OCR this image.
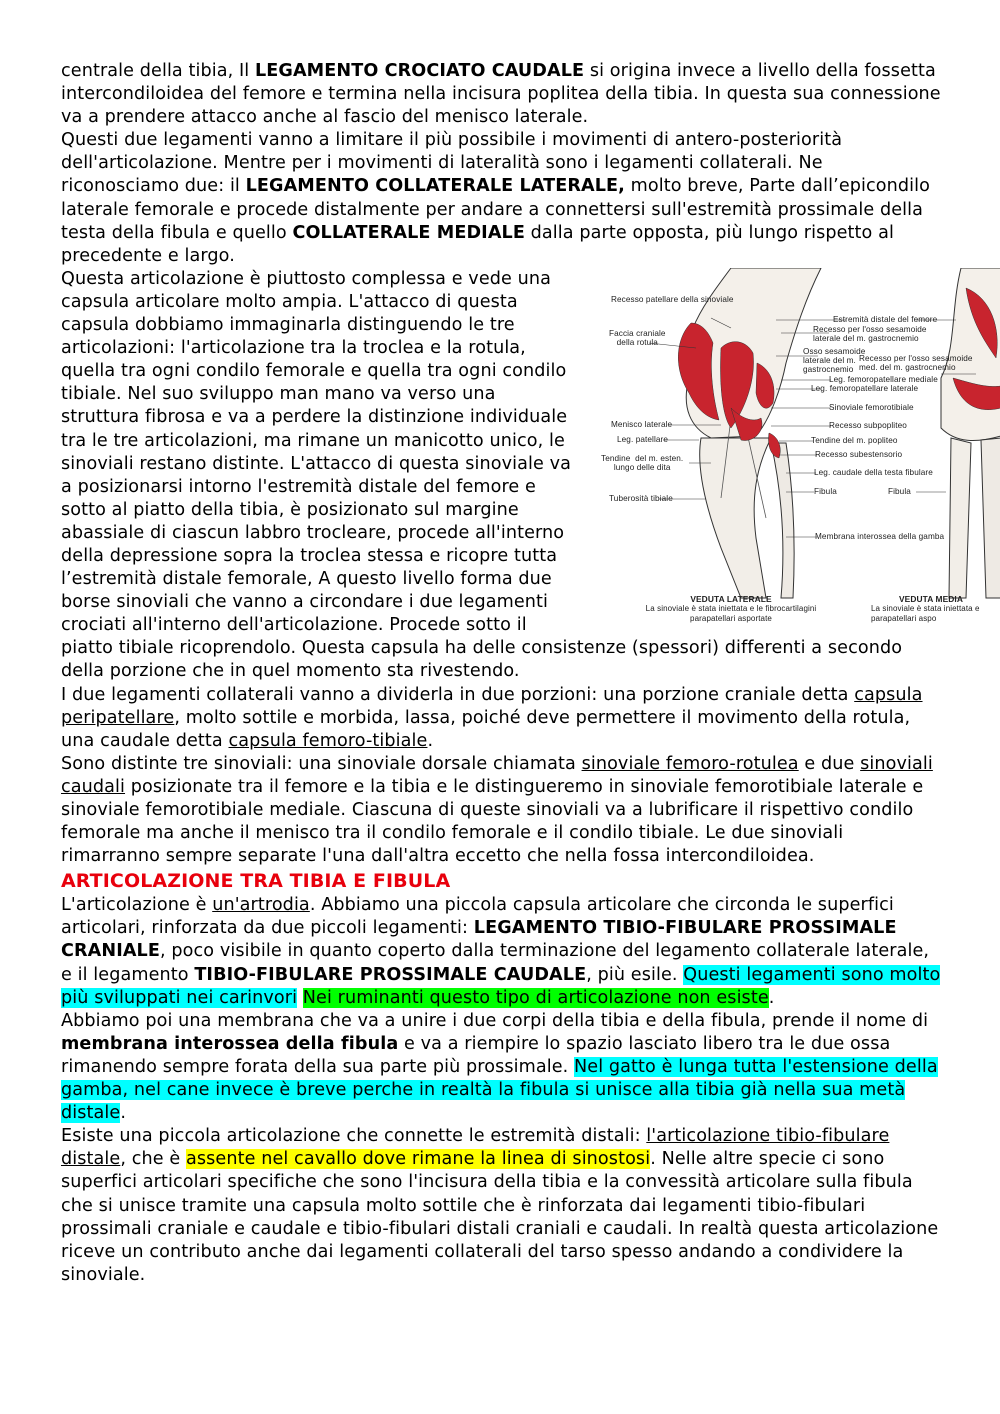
centrale della tibia, Il LEGAMENTO CROCIATO CAUDALE si origina invece a livello della fossetta intercondiloidea del femore e termina nella incisura poplitea della tibia. In questa sua connessione va a prendere attacco anche al fascio del menisco laterale.

Questi due legamenti vanno a limitare il più possibile i movimenti di antero-posteriorità dell'articolazione. Mentre per i movimenti di lateralità sono i legamenti collaterali. Ne riconosciamo due: il LEGAMENTO COLLATERALE LATERALE, molto breve, Parte dall’epicondilo laterale femorale e procede distalmente per andare a connettersi sull'estremità prossimale della testa della fibula e quello COLLATERALE MEDIALE dalla parte opposta, più lungo rispetto al precedente e largo.

Recesso patellare della sinoviale
Faccia craniale
della rotula
Menisco laterale
Leg. patellare
Tendine  del m. esten.
lungo delle dita
Tuberosità tibiale
Estremità distale del femore
Recesso per l'osso sesamoide
laterale del m. gastrocnemio
Osso sesamoide
laterale del m.
gastrocnemio
Recesso per l'osso sesamoide
med. del m. gastrocnemio
Leg. femoropatellare mediale
Leg. femoropatellare laterale
Sinoviale femorotibiale
Recesso subpopliteo
Tendine del m. popliteo
Recesso subestensorio
Leg. caudale della testa fibulare
Fibula	Fibula
Membrana interossea della gamba
VEDUTA LATERALE
La sinoviale è stata iniettata e le fibrocartilagini
parapatellari asportate
VEDUTA MEDIA
La sinoviale è stata iniettata e
parapatellari aspo

Questa articolazione è piuttosto complessa e vede una capsula articolare molto ampia. L'attacco di questa capsula dobbiamo immaginarla distinguendo le tre articolazioni: l'articolazione tra la troclea e la rotula, quella tra ogni condilo femorale e quella tra ogni condilo tibiale. Nel suo sviluppo man mano va verso una struttura fibrosa e va a perdere la distinzione individuale tra le tre articolazioni, ma rimane un manicotto unico, le sinoviali restano distinte. L'attacco di questa sinoviale va a posizionarsi intorno l'estremità distale del femore e sotto al piatto della tibia, è posizionato sul margine abassiale di ciascun labbro trocleare, procede all'interno della depressione sopra la troclea stessa e ricopre tutta l’estremità distale femorale, A questo livello forma due borse sinoviali che vanno a circondare i due legamenti crociati all'interno dell'articolazione. Procede sotto il piatto tibiale ricoprendolo. Questa capsula ha delle consistenze (spessori) differenti a secondo della porzione che in quel momento sta rivestendo.

I due legamenti collaterali vanno a dividerla in due porzioni: una porzione craniale detta capsula peripatellare, molto sottile e morbida, lassa, poiché deve permettere il movimento della rotula, una caudale detta capsula femoro-tibiale.

Sono distinte tre sinoviali: una sinoviale dorsale chiamata sinoviale femoro-rotulea e due sinoviali caudali posizionate tra il femore e la tibia e le distingueremo in sinoviale femorotibiale laterale e sinoviale femorotibiale mediale. Ciascuna di queste sinoviali va a lubrificare il rispettivo condilo femorale ma anche il menisco tra il condilo femorale e il condilo tibiale. Le due sinoviali rimarranno sempre separate l'una dall'altra eccetto che nella fossa intercondiloidea.

ARTICOLAZIONE TRA TIBIA E FIBULA

L'articolazione è un'artrodia. Abbiamo una piccola capsula articolare che circonda le superfici articolari, rinforzata da due piccoli legamenti: LEGAMENTO TIBIO-FIBULARE PROSSIMALE CRANIALE, poco visibile in quanto coperto dalla terminazione del legamento collaterale laterale, e il legamento TIBIO-FIBULARE PROSSIMALE CAUDALE, più esile. Questi legamenti sono molto più sviluppati nei carinvori Nei ruminanti questo tipo di articolazione non esiste.

Abbiamo poi una membrana che va a unire i due corpi della tibia e della fibula, prende il nome di membrana interossea della fibula e va a riempire lo spazio lasciato libero tra le due ossa rimanendo sempre forata della sua parte più prossimale. Nel gatto è lunga tutta l'estensione della gamba, nel cane invece è breve perche in realtà la fibula si unisce alla tibia già nella sua metà distale.

Esiste una piccola articolazione che connette le estremità distali: l'articolazione tibio-fibulare distale, che è assente nel cavallo dove rimane la linea di sinostosi. Nelle altre specie ci sono superfici articolari specifiche che sono l'incisura della tibia e la convessità articolare sulla fibula che si unisce tramite una capsula molto sottile che è rinforzata dai legamenti tibio-fibulari prossimali craniale e caudale e tibio-fibulari distali craniali e caudali. In realtà questa articolazione riceve un contributo anche dai legamenti collaterali del tarso spesso andando a condividere la sinoviale.
